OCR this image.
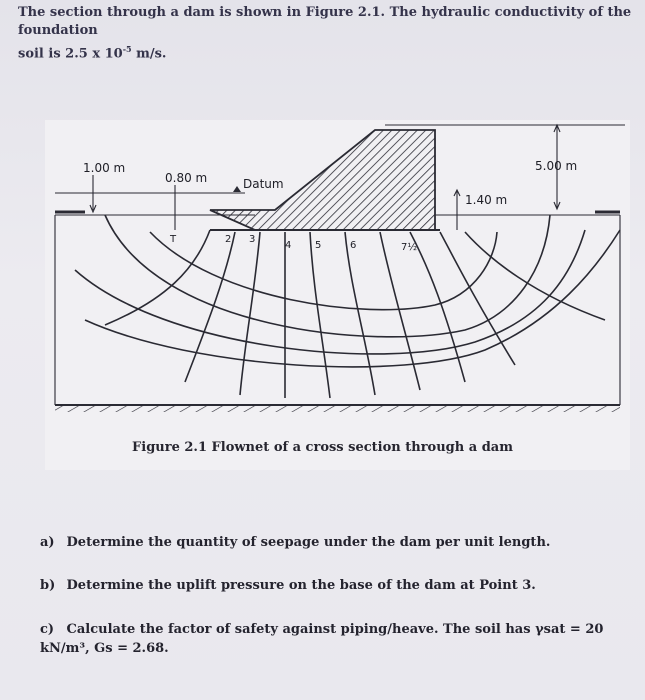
The section through a dam is shown in Figure 2.1. The hydraulic conductivity of the foundation
soil is 2.5 x $10^{-5}$ m/s.
1.00 m
0.80 m	Datum
5.00 m
1.40 m
T	2 3
4 5	6	7½
Figure 2.1 Flownet of a cross section through a dam
a) Determine the quantity of seepage under the dam per unit length.
b) Determine the uplift pressure on the base of the dam at Point 3.
c) Calculate the factor of safety against piping/heave. The soil has γsat = 20 kN/m³, Gs = 2.68.
